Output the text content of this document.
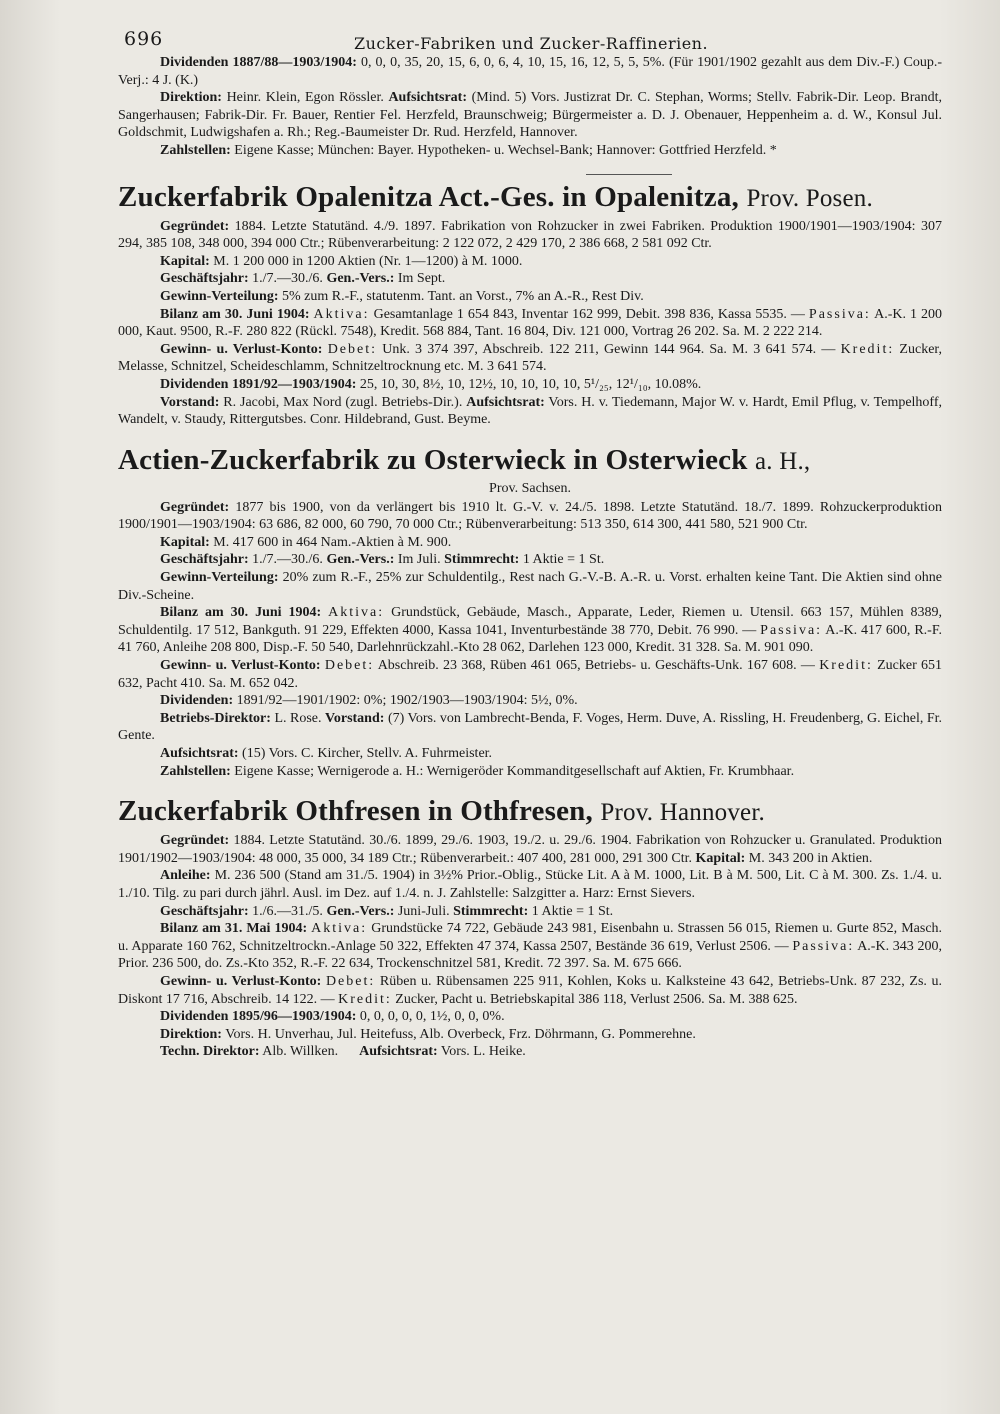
696	Zucker-Fabriken und Zucker-Raffinerien.

Dividenden 1887/88—1903/1904: 0, 0, 0, 35, 20, 15, 6, 0, 6, 4, 10, 15, 16, 12, 5, 5, 5%. (Für 1901/1902 gezahlt aus dem Div.-F.) Coup.-Verj.: 4 J. (K.)

Direktion: Heinr. Klein, Egon Rössler. Aufsichtsrat: (Mind. 5) Vors. Justizrat Dr. C. Stephan, Worms; Stellv. Fabrik-Dir. Leop. Brandt, Sangerhausen; Fabrik-Dir. Fr. Bauer, Rentier Fel. Herzfeld, Braunschweig; Bürgermeister a. D. J. Obenauer, Heppenheim a. d. W., Konsul Jul. Goldschmit, Ludwigshafen a. Rh.; Reg.-Baumeister Dr. Rud. Herzfeld, Hannover.

Zahlstellen: Eigene Kasse; München: Bayer. Hypotheken- u. Wechsel-Bank; Hannover: Gottfried Herzfeld. *

Zuckerfabrik Opalenitza Act.-Ges. in Opalenitza, Prov. Posen.

Gegründet: 1884. Letzte Statutänd. 4./9. 1897. Fabrikation von Rohzucker in zwei Fabriken. Produktion 1900/1901—1903/1904: 307 294, 385 108, 348 000, 394 000 Ctr.; Rübenverarbeitung: 2 122 072, 2 429 170, 2 386 668, 2 581 092 Ctr.

Kapital: M. 1 200 000 in 1200 Aktien (Nr. 1—1200) à M. 1000.

Geschäftsjahr: 1./7.—30./6. Gen.-Vers.: Im Sept.

Gewinn-Verteilung: 5% zum R.-F., statutenm. Tant. an Vorst., 7% an A.-R., Rest Div.

Bilanz am 30. Juni 1904: Aktiva: Gesamtanlage 1 654 843, Inventar 162 999, Debit. 398 836, Kassa 5535. — Passiva: A.-K. 1 200 000, Kaut. 9500, R.-F. 280 822 (Rückl. 7548), Kredit. 568 884, Tant. 16 804, Div. 121 000, Vortrag 26 202. Sa. M. 2 222 214.

Gewinn- u. Verlust-Konto: Debet: Unk. 3 374 397, Abschreib. 122 211, Gewinn 144 964. Sa. M. 3 641 574. — Kredit: Zucker, Melasse, Schnitzel, Scheideschlamm, Schnitzeltrocknung etc. M. 3 641 574.

Dividenden 1891/92—1903/1904: 25, 10, 30, 8½, 10, 12½, 10, 10, 10, 10, 5¹/₂₅, 12¹/₁₀, 10.08%.

Vorstand: R. Jacobi, Max Nord (zugl. Betriebs-Dir.). Aufsichtsrat: Vors. H. v. Tiedemann, Major W. v. Hardt, Emil Pflug, v. Tempelhoff, Wandelt, v. Staudy, Rittergutsbes. Conr. Hildebrand, Gust. Beyme.

Actien-Zuckerfabrik zu Osterwieck in Osterwieck a. H.,

Prov. Sachsen.

Gegründet: 1877 bis 1900, von da verlängert bis 1910 lt. G.-V. v. 24./5. 1898. Letzte Statutänd. 18./7. 1899. Rohzuckerproduktion 1900/1901—1903/1904: 63 686, 82 000, 60 790, 70 000 Ctr.; Rübenverarbeitung: 513 350, 614 300, 441 580, 521 900 Ctr.

Kapital: M. 417 600 in 464 Nam.-Aktien à M. 900.

Geschäftsjahr: 1./7.—30./6. Gen.-Vers.: Im Juli. Stimmrecht: 1 Aktie = 1 St.

Gewinn-Verteilung: 20% zum R.-F., 25% zur Schuldentilg., Rest nach G.-V.-B. A.-R. u. Vorst. erhalten keine Tant. Die Aktien sind ohne Div.-Scheine.

Bilanz am 30. Juni 1904: Aktiva: Grundstück, Gebäude, Masch., Apparate, Leder, Riemen u. Utensil. 663 157, Mühlen 8389, Schuldentilg. 17 512, Bankguth. 91 229, Effekten 4000, Kassa 1041, Inventurbestände 38 770, Debit. 76 990. — Passiva: A.-K. 417 600, R.-F. 41 760, Anleihe 208 800, Disp.-F. 50 540, Darlehnrückzahl.-Kto 28 062, Darlehen 123 000, Kredit. 31 328. Sa. M. 901 090.

Gewinn- u. Verlust-Konto: Debet: Abschreib. 23 368, Rüben 461 065, Betriebs- u. Geschäfts-Unk. 167 608. — Kredit: Zucker 651 632, Pacht 410. Sa. M. 652 042.

Dividenden: 1891/92—1901/1902: 0%; 1902/1903—1903/1904: 5½, 0%.

Betriebs-Direktor: L. Rose. Vorstand: (7) Vors. von Lambrecht-Benda, F. Voges, Herm. Duve, A. Rissling, H. Freudenberg, G. Eichel, Fr. Gente.

Aufsichtsrat: (15) Vors. C. Kircher, Stellv. A. Fuhrmeister.

Zahlstellen: Eigene Kasse; Wernigerode a. H.: Wernigeröder Kommanditgesellschaft auf Aktien, Fr. Krumbhaar.

Zuckerfabrik Othfresen in Othfresen, Prov. Hannover.

Gegründet: 1884. Letzte Statutänd. 30./6. 1899, 29./6. 1903, 19./2. u. 29./6. 1904. Fabrikation von Rohzucker u. Granulated. Produktion 1901/1902—1903/1904: 48 000, 35 000, 34 189 Ctr.; Rübenverarbeit.: 407 400, 281 000, 291 300 Ctr. Kapital: M. 343 200 in Aktien.

Anleihe: M. 236 500 (Stand am 31./5. 1904) in 3½% Prior.-Oblig., Stücke Lit. A à M. 1000, Lit. B à M. 500, Lit. C à M. 300. Zs. 1./4. u. 1./10. Tilg. zu pari durch jährl. Ausl. im Dez. auf 1./4. n. J. Zahlstelle: Salzgitter a. Harz: Ernst Sievers.

Geschäftsjahr: 1./6.—31./5. Gen.-Vers.: Juni-Juli. Stimmrecht: 1 Aktie = 1 St.

Bilanz am 31. Mai 1904: Aktiva: Grundstücke 74 722, Gebäude 243 981, Eisenbahn u. Strassen 56 015, Riemen u. Gurte 852, Masch. u. Apparate 160 762, Schnitzeltrockn.-Anlage 50 322, Effekten 47 374, Kassa 2507, Bestände 36 619, Verlust 2506. — Passiva: A.-K. 343 200, Prior. 236 500, do. Zs.-Kto 352, R.-F. 22 634, Trockenschnitzel 581, Kredit. 72 397. Sa. M. 675 666.

Gewinn- u. Verlust-Konto: Debet: Rüben u. Rübensamen 225 911, Kohlen, Koks u. Kalksteine 43 642, Betriebs-Unk. 87 232, Zs. u. Diskont 17 716, Abschreib. 14 122. — Kredit: Zucker, Pacht u. Betriebskapital 386 118, Verlust 2506. Sa. M. 388 625.

Dividenden 1895/96—1903/1904: 0, 0, 0, 0, 0, 1½, 0, 0, 0%.

Direktion: Vors. H. Unverhau, Jul. Heitefuss, Alb. Overbeck, Frz. Döhrmann, G. Pommerehne.

Techn. Direktor: Alb. Willken. Aufsichtsrat: Vors. L. Heike.
